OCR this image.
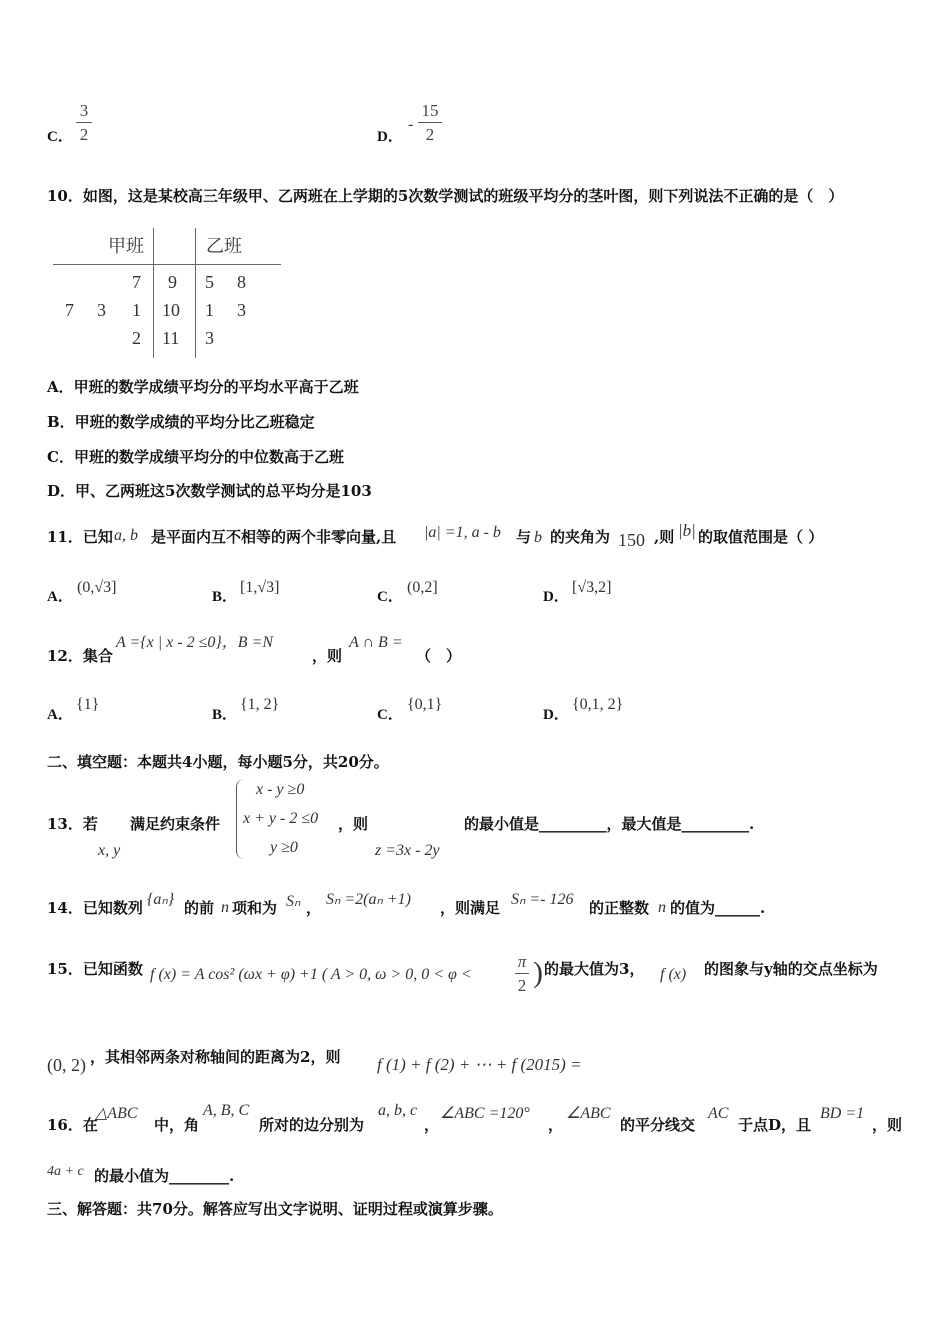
C．
3
2	D．
-
15
2
10．如图，这是某校高三年级甲、乙两班在上学期的5次数学测试的班级平均分的茎叶图，则下列说法不正确的是（　）
甲班	乙班
7 9 5 8
7 3 1 10 1 3
2 11 3
A．甲班的数学成绩平均分的平均水平高于乙班
B．甲班的数学成绩的平均分比乙班稳定
C．甲班的数学成绩平均分的中位数高于乙班
D．甲、乙两班这5次数学测试的总平均分是103
11．已知 a, b 是平面内互不相等的两个非零向量,且 |a| =1, a - b 与 b 的夹角为 150 ,则 |b| 的取值范围是（ ）
A．
(0,√3]
B．
[1,√3]
C．
(0,2]
D．
[√3,2]
12．集合
A ={x | x - 2 ≤0}，B =N
，则
A ∩ B =
（　）
A．
{1}
B．
{1, 2}
C．
{0,1}
D．
{0,1, 2}
二、填空题：本题共4小题，每小题5分，共20分。
13．若
x, y
满足约束条件
x - y ≥0
x + y - 2 ≤0
y ≥0
，则
z =3x - 2y
的最小值是_________，最大值是_________.
14．已知数列 {aₙ} 的前 n 项和为 Sₙ ， Sₙ =2(aₙ +1) ，则满足 Sₙ =- 126 的正整数 n 的值为______.
15．已知函数 f (x) = A cos² (ωx + φ) +1 ( A > 0, ω > 0, 0 < φ <
π
2 ) 的最大值为3， f (x) 的图象与y轴的交点坐标为
(0, 2) ，其相邻两条对称轴间的距离为2，则 f (1) + f (2) + ⋯ + f (2015) =
16．在
△ABC
中，角
A, B, C
所对的边分别为
a, b, c
，
∠ABC =120°
，
∠ABC
的平分线交
AC
于点D，且
BD =1
，则
4a + c 的最小值为________.
三、解答题：共70分。解答应写出文字说明、证明过程或演算步骤。
